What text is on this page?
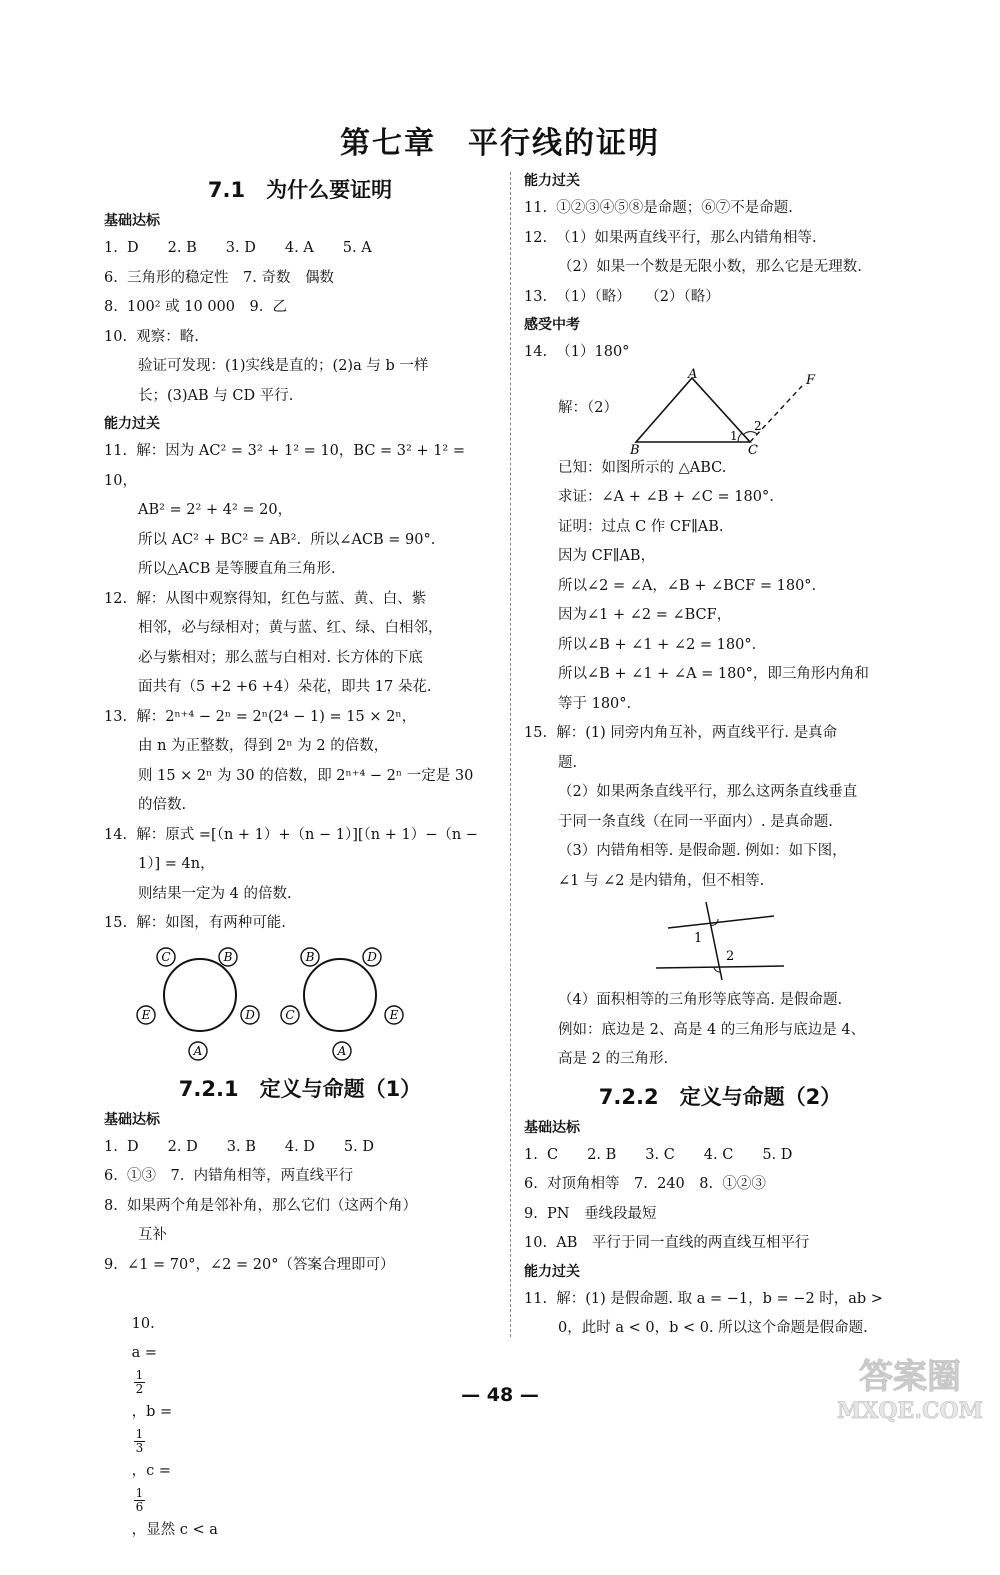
第七章　平行线的证明
7.1　为什么要证明
基础达标
1.  D　　2. B　　3. D　　4. A　　5. A
6.  三角形的稳定性　7. 奇数　偶数
8.  100² 或 10 000　9.  乙
10.  观察：略.
验证可发现：(1)实线是直的；(2)a 与 b 一样
长；(3)AB 与 CD 平行.
能力过关
11.  解：因为 AC² = 3² + 1² = 10，BC = 3² + 1² = 10，
AB² = 2² + 4² = 20，
所以 AC² + BC² = AB².  所以∠ACB = 90°.
所以△ACB 是等腰直角三角形.
12.  解：从图中观察得知，红色与蓝、黄、白、紫
相邻，必与绿相对；黄与蓝、红、绿、白相邻，
必与紫相对；那么蓝与白相对. 长方体的下底
面共有（5 +2 +6 +4）朵花，即共 17 朵花.
13.  解：2ⁿ⁺⁴ − 2ⁿ = 2ⁿ(2⁴ − 1) = 15 × 2ⁿ，
由 n 为正整数，得到 2ⁿ 为 2 的倍数，
则 15 × 2ⁿ 为 30 的倍数，即 2ⁿ⁺⁴ − 2ⁿ 一定是 30
的倍数.
14.  解：原式 =[（n + 1）+（n − 1）][（n + 1）−（n −
1）] = 4n，
则结果一定为 4 的倍数.
15.  解：如图，有两种可能.
C	B
E	D
A
B	D
C	E
A
7.2.1　定义与命题（1）
基础达标
1.  D　　2. D　　3. B　　4. D　　5. D
6.  ①③　7.  内错角相等，两直线平行
8.  如果两个角是邻补角，那么它们（这两个角）
互补
9.  ∠1 = 70°，∠2 = 20°（答案合理即可）

10.
a =

$\frac{1}{2}$

，b =

$\frac{1}{3}$

，c =

$\frac{1}{6}$

，显然 c < a

能力过关
11.  ①②③④⑤⑧是命题；⑥⑦不是命题.
12.  （1）如果两直线平行，那么内错角相等.
（2）如果一个数是无限小数，那么它是无理数.
13.  （1）（略）　　（2）（略）
感受中考
14.  （1）180°
解：（2）
A
B	C
F
1
2
已知：如图所示的 △ABC.
求证：∠A + ∠B + ∠C = 180°.
证明：过点 C 作 CF∥AB.
因为 CF∥AB，
所以∠2 = ∠A，∠B + ∠BCF = 180°.
因为∠1 + ∠2 = ∠BCF，
所以∠B + ∠1 + ∠2 = 180°.
所以∠B + ∠1 + ∠A = 180°，即三角形内角和
等于 180°.
15.  解：(1) 同旁内角互补，两直线平行. 是真命
题.
（2）如果两条直线平行，那么这两条直线垂直
于同一条直线（在同一平面内）. 是真命题.
（3）内错角相等. 是假命题. 例如：如下图，
∠1 与 ∠2 是内错角，但不相等.
1
2
（4）面积相等的三角形等底等高. 是假命题.
例如：底边是 2、高是 4 的三角形与底边是 4、
高是 2 的三角形.
7.2.2　定义与命题（2）
基础达标
1.  C　　2. B　　3. C　　4. C　　5. D
6.  对顶角相等　7.  240　8.  ①②③
9.  PN　垂线段最短
10.  AB　平行于同一直线的两直线互相平行
能力过关
11.  解：(1) 是假命题. 取 a = −1，b = −2 时，ab >
0，此时 a < 0，b < 0. 所以这个命题是假命题.
— 48 —	答案圈
MXQE.COM
